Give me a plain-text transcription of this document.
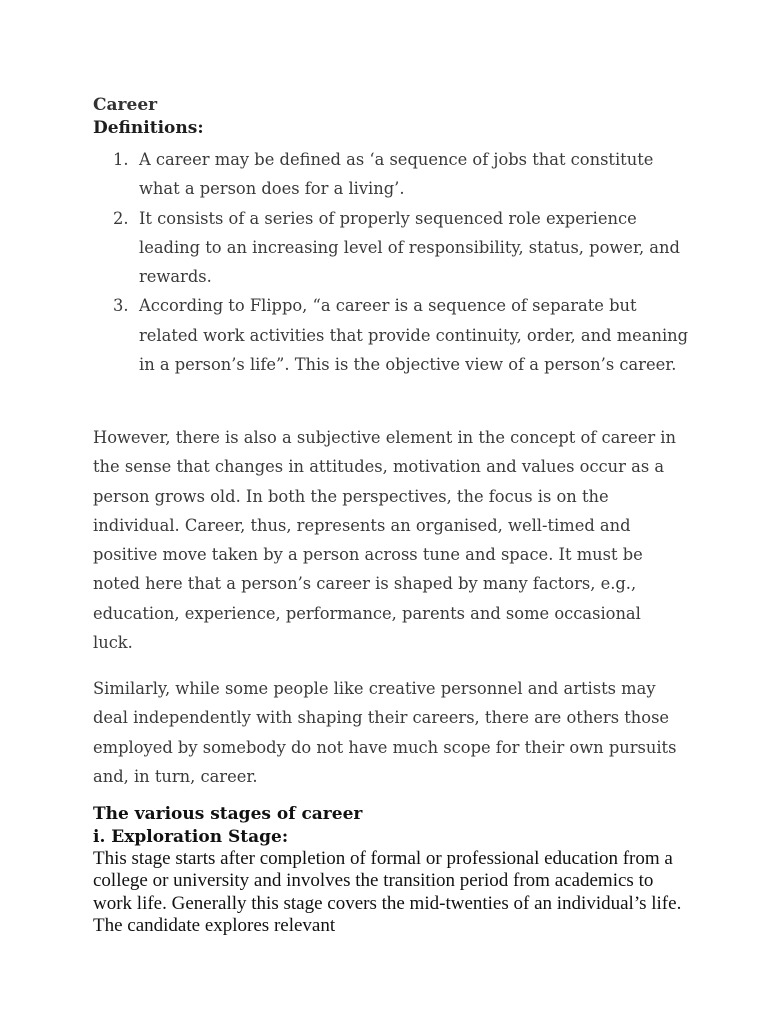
Career
Definitions:
1. A career may be defined as ‘a sequence of jobs that constitute what a person does for a living’.
2. It consists of a series of properly sequenced role experience leading to an increasing level of responsibility, status, power, and rewards.
3. According to Flippo, “a career is a sequence of separate but related work activities that provide continuity, order, and meaning in a person’s life”. This is the objective view of a person’s career.

However, there is also a subjective element in the concept of career in the sense that changes in attitudes, motivation and values occur as a person grows old. In both the perspectives, the focus is on the individual. Career, thus, represents an organised, well-timed and positive move taken by a person across tune and space. It must be noted here that a person’s career is shaped by many factors, e.g., education, experience, performance, parents and some occasional luck.

Similarly, while some people like creative personnel and artists may deal independently with shaping their careers, there are others those employed by somebody do not have much scope for their own pursuits and, in turn, career.

The various stages of career
i. Exploration Stage:

This stage starts after completion of formal or professional education from a college or university and involves the transition period from academics to work life. Generally this stage covers the mid-twenties of an individual’s life. The candidate explores relevant
